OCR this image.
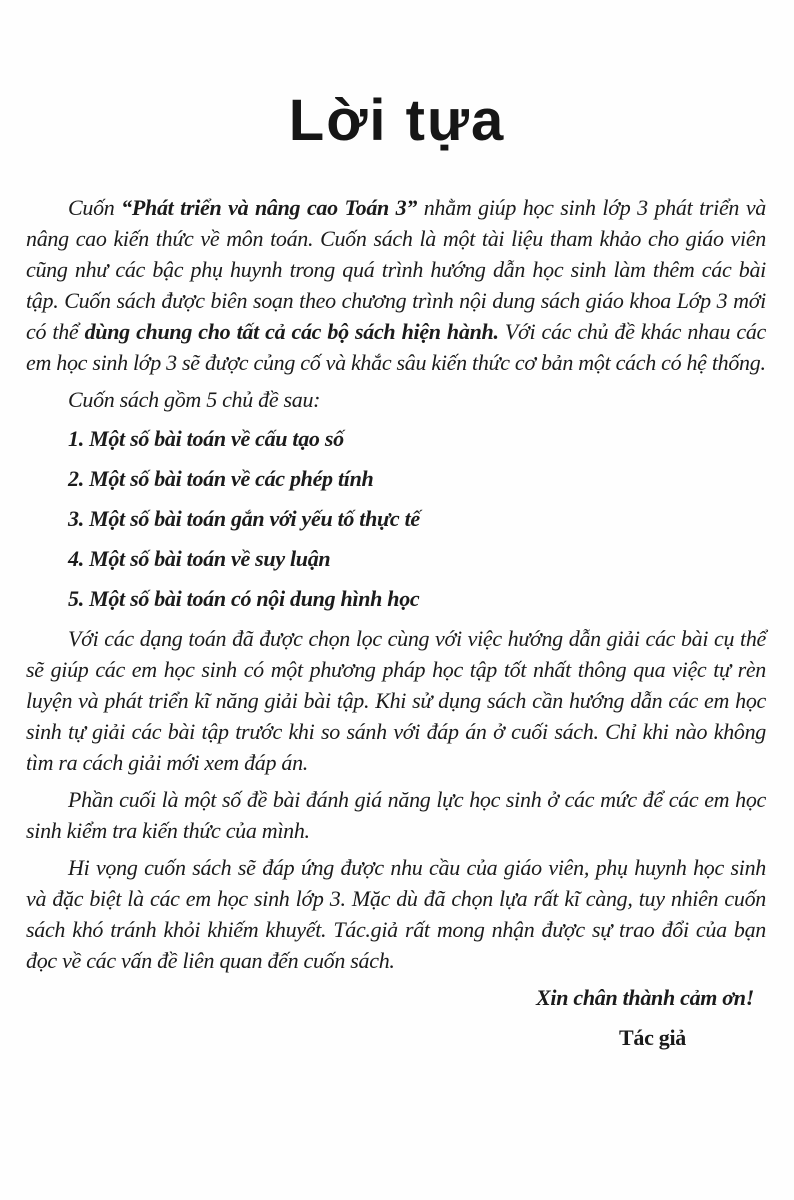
Lời tựa

Cuốn “Phát triển và nâng cao Toán 3” nhằm giúp học sinh lớp 3 phát triển và nâng cao kiến thức về môn toán. Cuốn sách là một tài liệu tham khảo cho giáo viên cũng như các bậc phụ huynh trong quá trình hướng dẫn học sinh làm thêm các bài tập. Cuốn sách được biên soạn theo chương trình nội dung sách giáo khoa Lớp 3 mới có thể dùng chung cho tất cả các bộ sách hiện hành. Với các chủ đề khác nhau các em học sinh lớp 3 sẽ được củng cố và khắc sâu kiến thức cơ bản một cách có hệ thống.

Cuốn sách gồm 5 chủ đề sau:

1. Một số bài toán về cấu tạo số

2. Một số bài toán về các phép tính

3. Một số bài toán gắn với yếu tố thực tế

4. Một số bài toán về suy luận

5. Một số bài toán có nội dung hình học

Với các dạng toán đã được chọn lọc cùng với việc hướng dẫn giải các bài cụ thể sẽ giúp các em học sinh có một phương pháp học tập tốt nhất thông qua việc tự rèn luyện và phát triển kĩ năng giải bài tập. Khi sử dụng sách cần hướng dẫn các em học sinh tự giải các bài tập trước khi so sánh với đáp án ở cuối sách. Chỉ khi nào không tìm ra cách giải mới xem đáp án.

Phần cuối là một số đề bài đánh giá năng lực học sinh ở các mức để các em học sinh kiểm tra kiến thức của mình.

Hi vọng cuốn sách sẽ đáp ứng được nhu cầu của giáo viên, phụ huynh học sinh và đặc biệt là các em học sinh lớp 3. Mặc dù đã chọn lựa rất kĩ càng, tuy nhiên cuốn sách khó tránh khỏi khiếm khuyết. Tác.giả rất mong nhận được sự trao đổi của bạn đọc về các vấn đề liên quan đến cuốn sách.

Xin chân thành cảm ơn!

Tác giả
